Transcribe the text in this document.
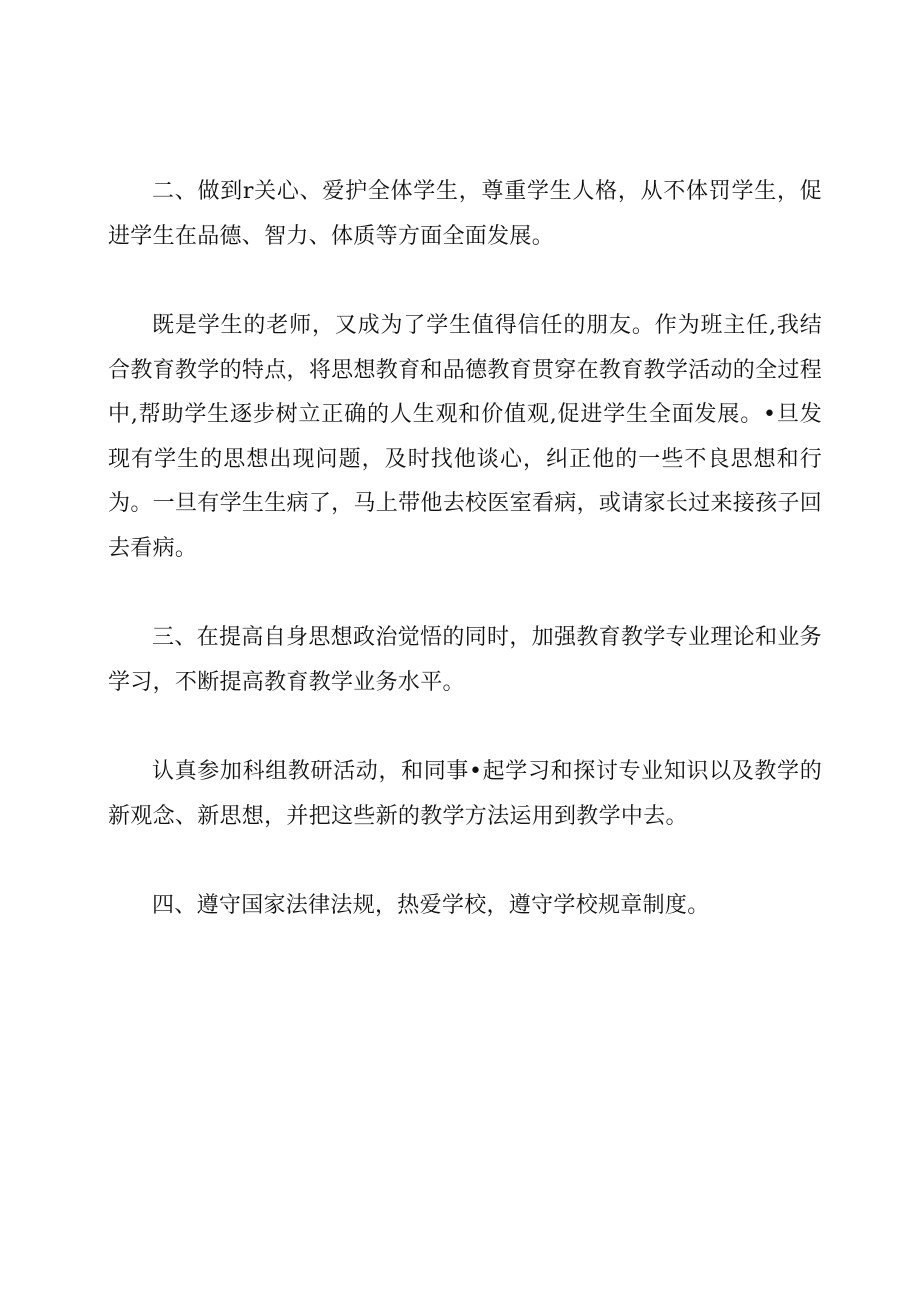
二、做到r关心、爱护全体学生，尊重学生人格，从不体罚学生，促进学生在品德、智力、体质等方面全面发展。

既是学生的老师，又成为了学生值得信任的朋友。作为班主任,我结合教育教学的特点，将思想教育和品德教育贯穿在教育教学活动的全过程中,帮助学生逐步树立正确的人生观和价值观,促进学生全面发展。•旦发现有学生的思想出现问题，及时找他谈心，纠正他的一些不良思想和行为。一旦有学生生病了，马上带他去校医室看病，或请家长过来接孩子回去看病。

三、在提高自身思想政治觉悟的同时，加强教育教学专业理论和业务学习，不断提高教育教学业务水平。

认真参加科组教研活动，和同事•起学习和探讨专业知识以及教学的新观念、新思想，并把这些新的教学方法运用到教学中去。

四、遵守国家法律法规，热爱学校，遵守学校规章制度。
